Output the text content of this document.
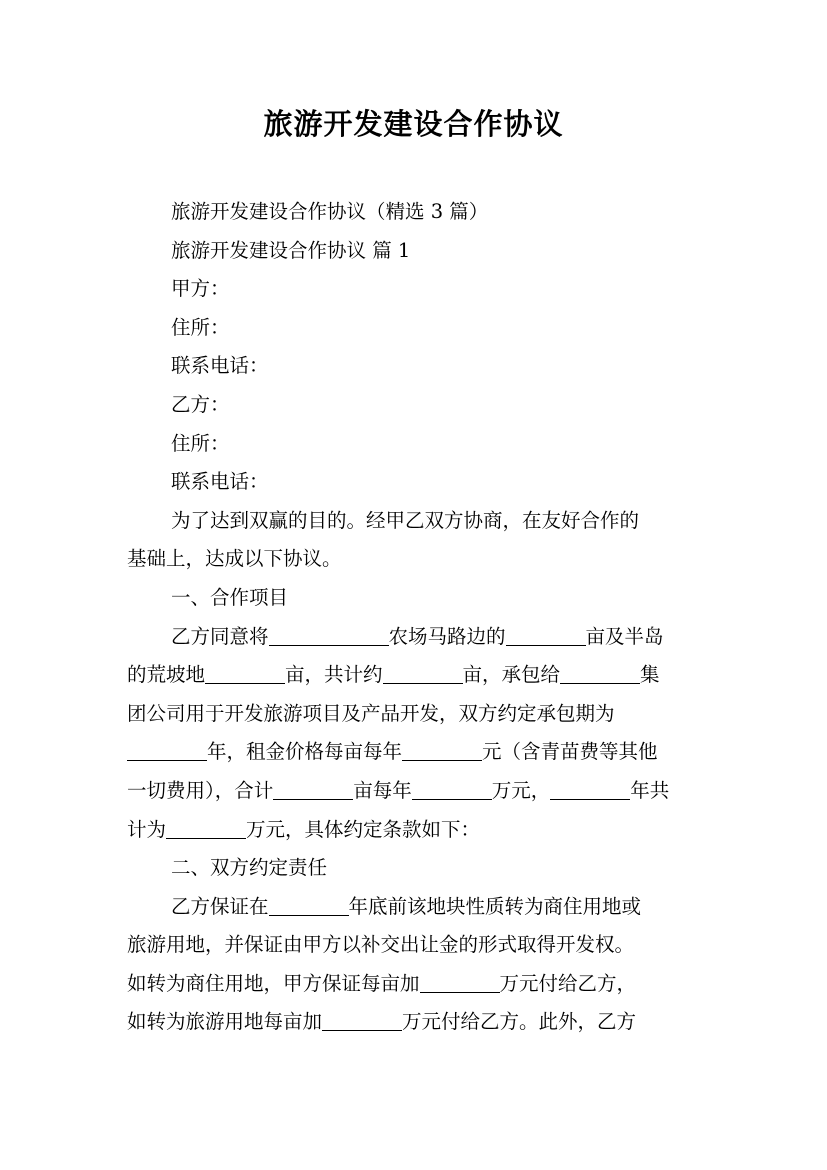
旅游开发建设合作协议

旅游开发建设合作协议（精选 3 篇）

旅游开发建设合作协议 篇 1

甲方：

住所：

联系电话：

乙方：

住所：

联系电话：

为了达到双赢的目的。经甲乙双方协商，在友好合作的
基础上，达成以下协议。

一、合作项目

乙方同意将	农场马路边的	亩及半岛
的荒坡地	亩，共计约	亩，承包给	集
团公司用于开发旅游项目及产品开发，双方约定承包期为
年，租金价格每亩每年	元（含青苗费等其他
一切费用），合计	亩每年	万元，	年共
计为	万元，具体约定条款如下：

二、双方约定责任

乙方保证在	年底前该地块性质转为商住用地或
旅游用地，并保证由甲方以补交出让金的形式取得开发权。
如转为商住用地，甲方保证每亩加	万元付给乙方，
如转为旅游用地每亩加	万元付给乙方。此外，乙方
